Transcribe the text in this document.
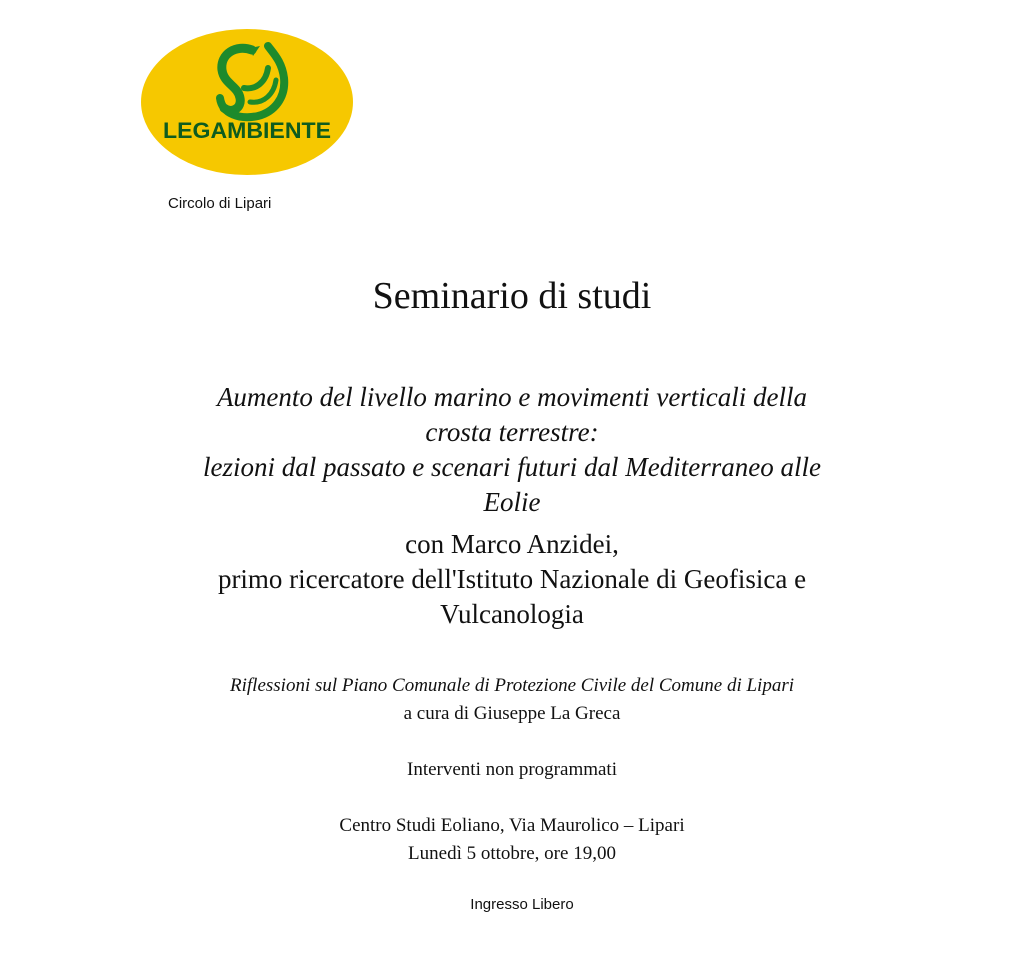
LEGAMBIENTE
Circolo di Lipari
Seminario di studi
Aumento del livello marino e movimenti verticali della
crosta terrestre:
lezioni dal passato e scenari futuri dal Mediterraneo alle
Eolie
con Marco Anzidei,
primo ricercatore dell'Istituto Nazionale di Geofisica e
Vulcanologia
Riflessioni sul Piano Comunale di Protezione Civile del Comune di Lipari
a cura di Giuseppe La Greca
Interventi non programmati
Centro Studi Eoliano, Via Maurolico – Lipari
Lunedì 5 ottobre, ore 19,00
Ingresso Libero
